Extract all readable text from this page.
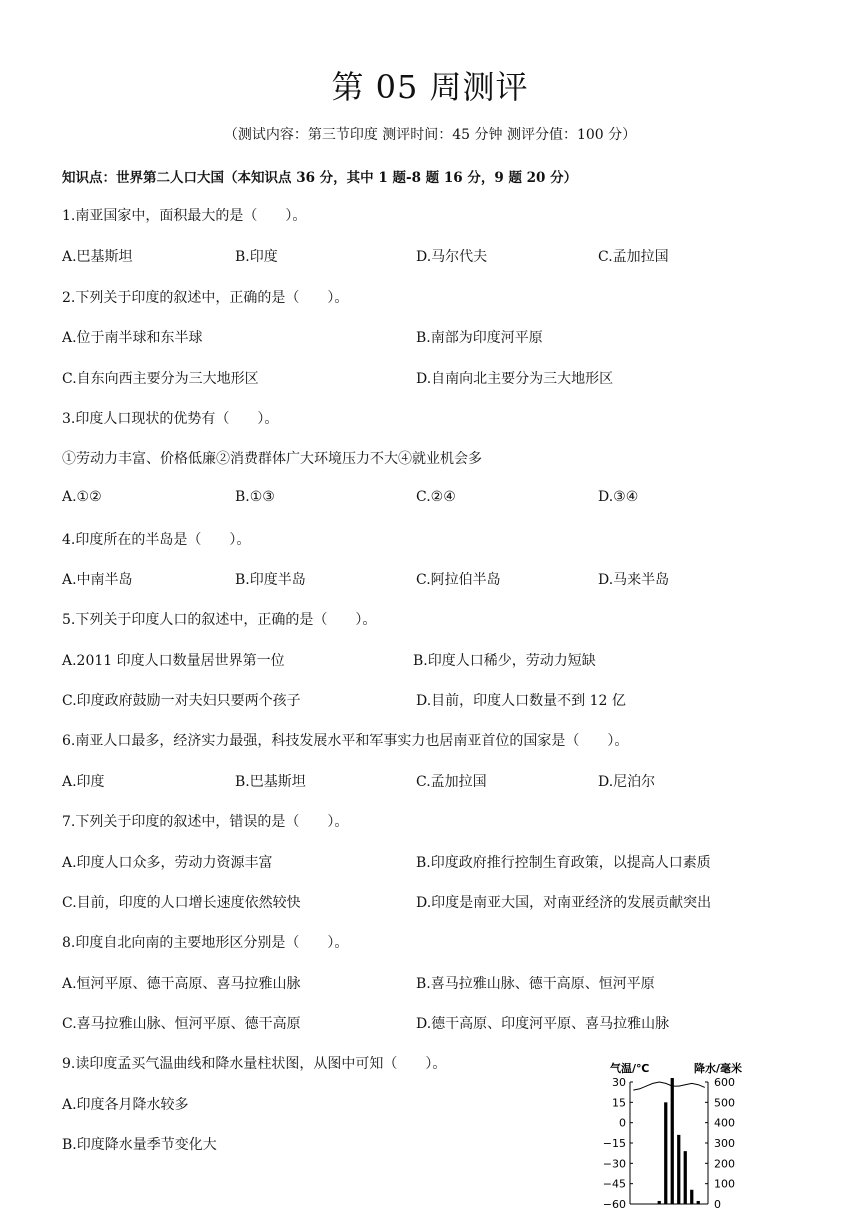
第 05 周测评
（测试内容：第三节印度 测评时间：45 分钟 测评分值：100 分）
知识点：世界第二人口大国（本知识点 36 分，其中 1 题-8 题 16 分，9 题 20 分）
1.南亚国家中，面积最大的是（　　）。
A.巴基斯坦	B.印度	D.马尔代夫	C.孟加拉国
2.下列关于印度的叙述中，正确的是（　　）。
A.位于南半球和东半球	B.南部为印度河平原
C.自东向西主要分为三大地形区	D.自南向北主要分为三大地形区
3.印度人口现状的优势有（　　）。
①劳动力丰富、价格低廉②消费群体广大环境压力不大④就业机会多
A.①②	B.①③	C.②④	D.③④
4.印度所在的半岛是（　　）。
A.中南半岛	B.印度半岛	C.阿拉伯半岛	D.马来半岛
5.下列关于印度人口的叙述中，正确的是（　　）。
A.2011 印度人口数量居世界第一位	B.印度人口稀少，劳动力短缺
C.印度政府鼓励一对夫妇只要两个孩子	D.目前，印度人口数量不到 12 亿
6.南亚人口最多，经济实力最强，科技发展水平和军事实力也居南亚首位的国家是（　　）。
A.印度	B.巴基斯坦	C.孟加拉国	D.尼泊尔
7.下列关于印度的叙述中，错误的是（　　）。
A.印度人口众多，劳动力资源丰富	B.印度政府推行控制生育政策，以提高人口素质
C.目前，印度的人口增长速度依然较快	D.印度是南亚大国，对南亚经济的发展贡献突出
8.印度自北向南的主要地形区分别是（　　）。
A.恒河平原、德干高原、喜马拉雅山脉	B.喜马拉雅山脉、德干高原、恒河平原
C.喜马拉雅山脉、恒河平原、德干高原	D.德干高原、印度河平原、喜马拉雅山脉
9.读印度孟买气温曲线和降水量柱状图，从图中可知（　　）。
A.印度各月降水较多
B.印度降水量季节变化大
气温/℃	降水/毫米
30
15
0
−15
−30
−45
−60
600
500
400
300
200
100
0
